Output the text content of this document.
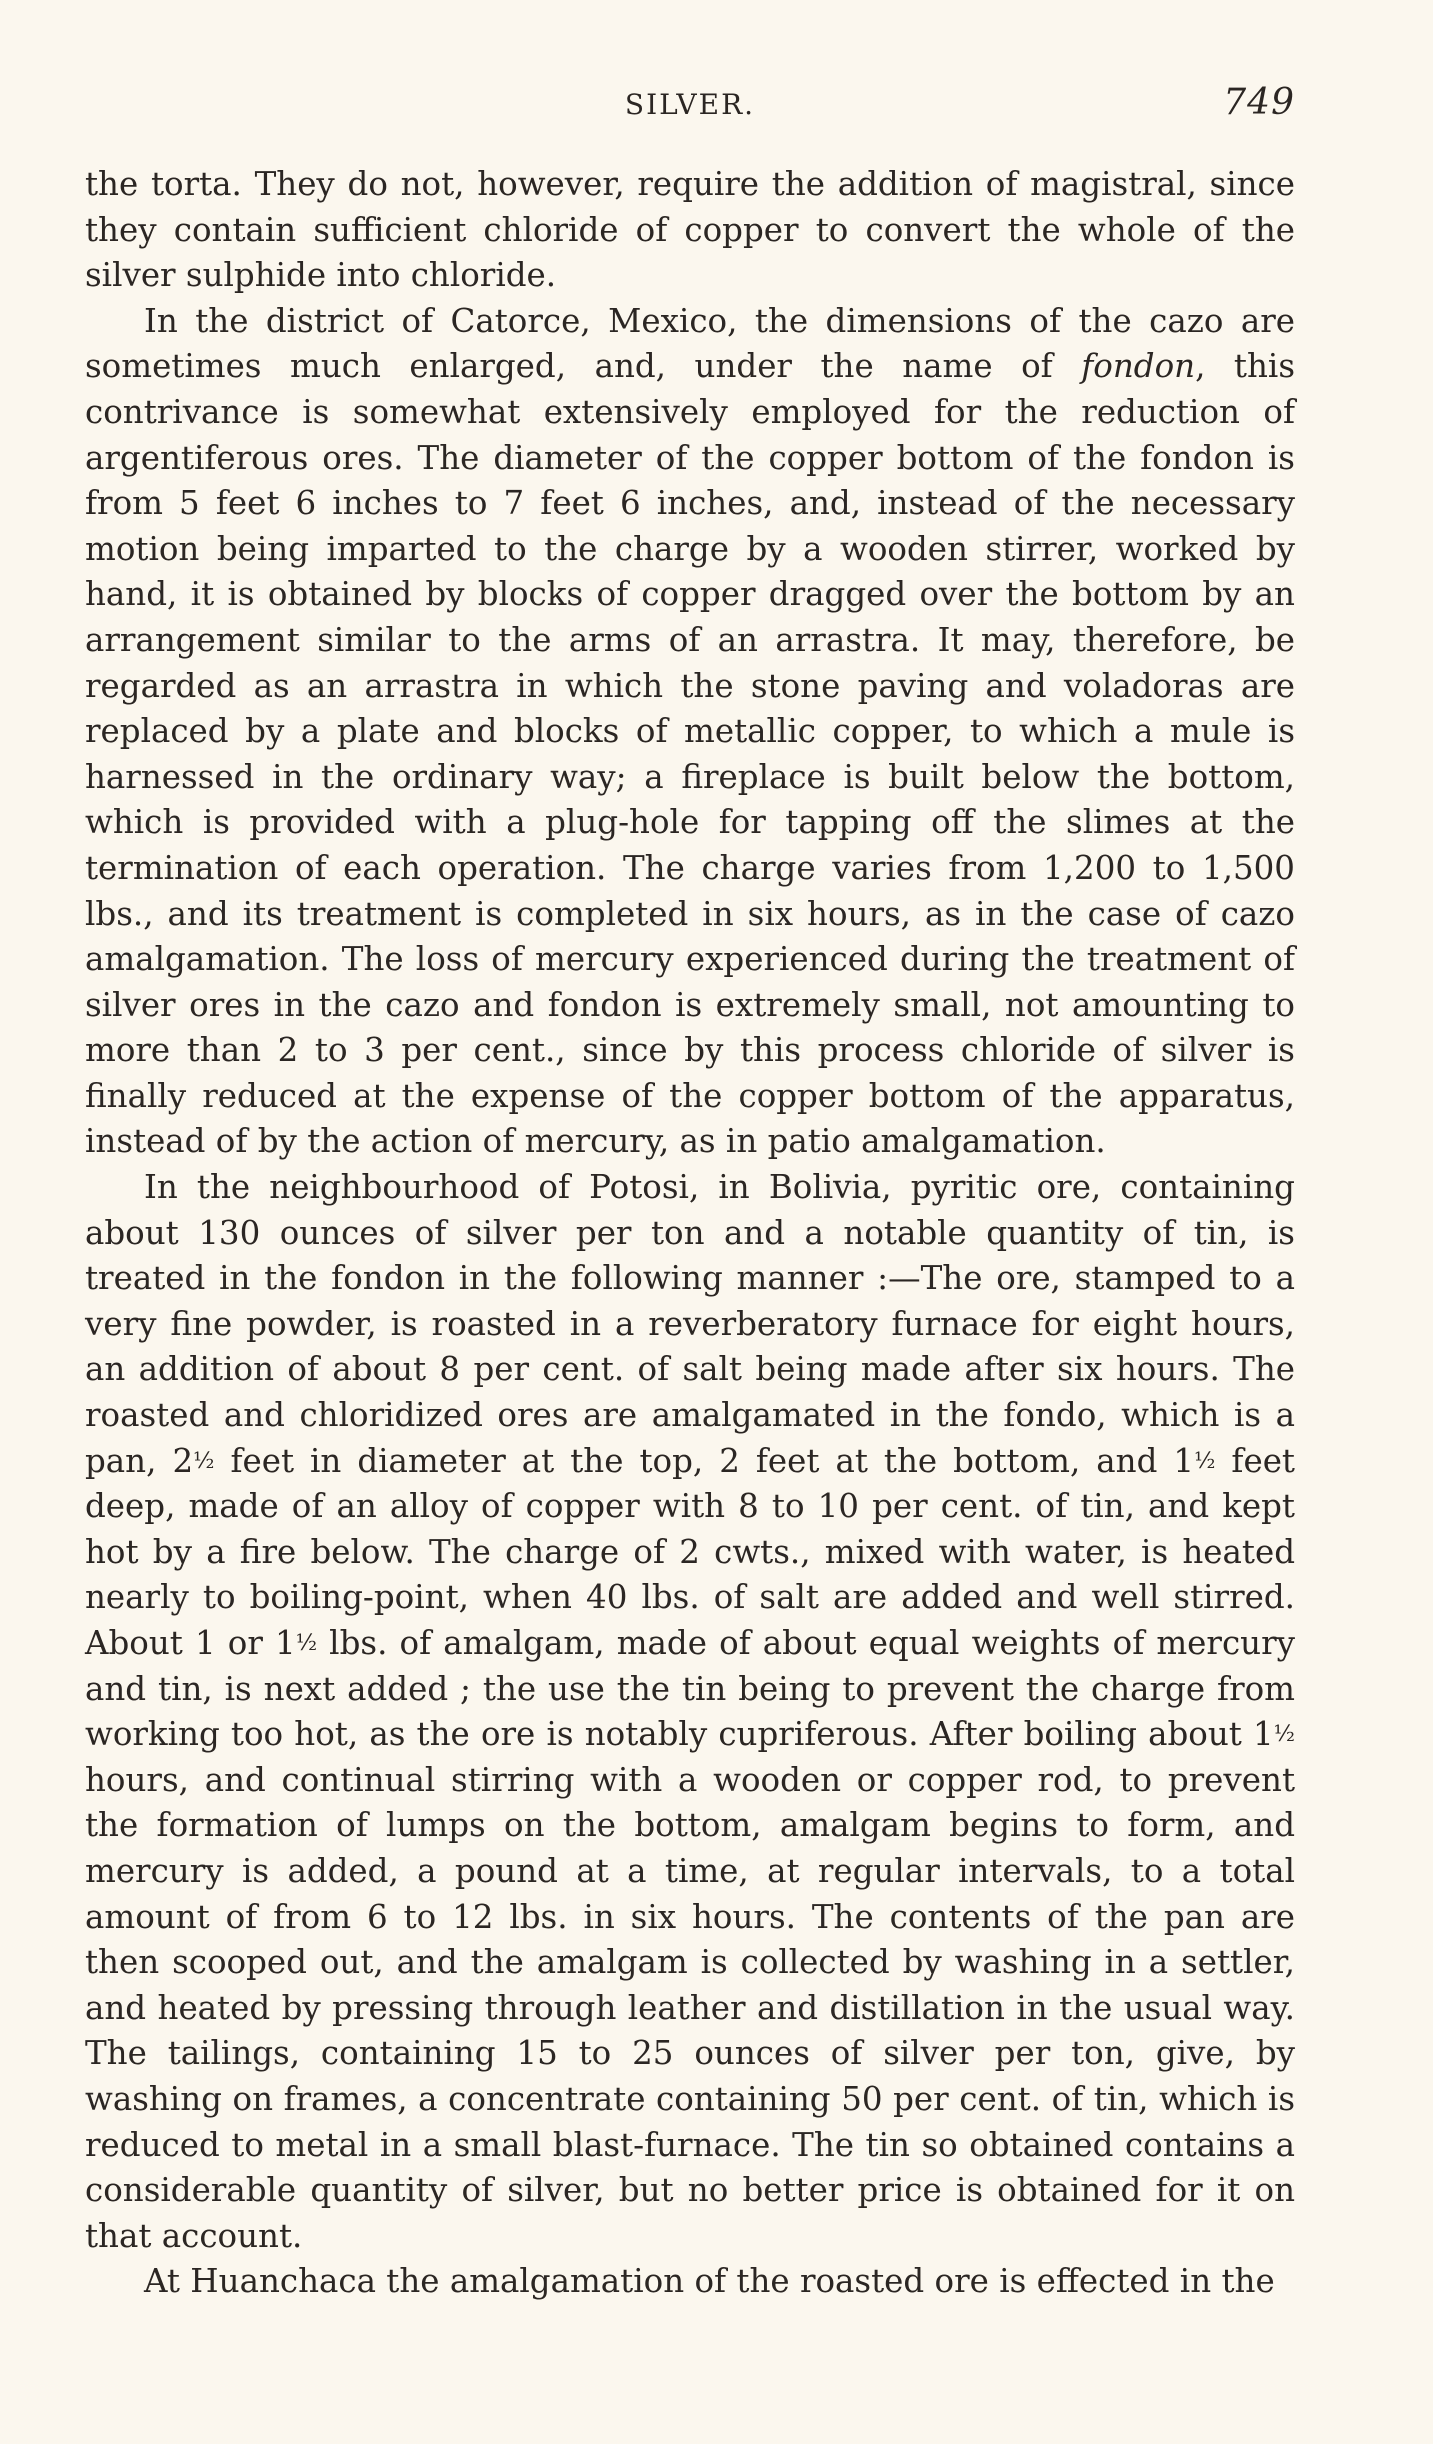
SILVER.	749

the torta. They do not, however, require the addition of magistral, since they contain sufficient chloride of copper to convert the whole of the silver sulphide into chloride.

In the district of Catorce, Mexico, the dimensions of the cazo are sometimes much enlarged, and, under the name of fondon, this contrivance is somewhat extensively employed for the reduction of argentiferous ores. The diameter of the copper bottom of the fondon is from 5 feet 6 inches to 7 feet 6 inches, and, instead of the necessary motion being imparted to the charge by a wooden stirrer, worked by hand, it is obtained by blocks of copper dragged over the bottom by an arrangement similar to the arms of an arrastra. It may, therefore, be regarded as an arrastra in which the stone paving and voladoras are replaced by a plate and blocks of metallic copper, to which a mule is harnessed in the ordinary way; a fireplace is built below the bottom, which is provided with a plug-hole for tapping off the slimes at the termination of each operation. The charge varies from 1,200 to 1,500 lbs., and its treatment is completed in six hours, as in the case of cazo amalgamation. The loss of mercury experienced during the treatment of silver ores in the cazo and fondon is extremely small, not amounting to more than 2 to 3 per cent., since by this process chloride of silver is finally reduced at the expense of the copper bottom of the apparatus, instead of by the action of mercury, as in patio amalgamation.

In the neighbourhood of Potosi, in Bolivia, pyritic ore, containing about 130 ounces of silver per ton and a notable quantity of tin, is treated in the fondon in the following manner :—The ore, stamped to a very fine powder, is roasted in a reverberatory furnace for eight hours, an addition of about 8 per cent. of salt being made after six hours. The roasted and chloridized ores are amalgamated in the fondo, which is a pan, 2½ feet in diameter at the top, 2 feet at the bottom, and 1½ feet deep, made of an alloy of copper with 8 to 10 per cent. of tin, and kept hot by a fire below. The charge of 2 cwts., mixed with water, is heated nearly to boiling-point, when 40 lbs. of salt are added and well stirred. About 1 or 1½ lbs. of amalgam, made of about equal weights of mercury and tin, is next added ; the use the tin being to prevent the charge from working too hot, as the ore is notably cupriferous. After boiling about 1½ hours, and continual stirring with a wooden or copper rod, to prevent the formation of lumps on the bottom, amalgam begins to form, and mercury is added, a pound at a time, at regular intervals, to a total amount of from 6 to 12 lbs. in six hours. The contents of the pan are then scooped out, and the amalgam is collected by washing in a settler, and heated by pressing through leather and distillation in the usual way. The tailings, containing 15 to 25 ounces of silver per ton, give, by washing on frames, a concentrate containing 50 per cent. of tin, which is reduced to metal in a small blast-furnace. The tin so obtained contains a considerable quantity of silver, but no better price is obtained for it on that account.

At Huanchaca the amalgamation of the roasted ore is effected in the
